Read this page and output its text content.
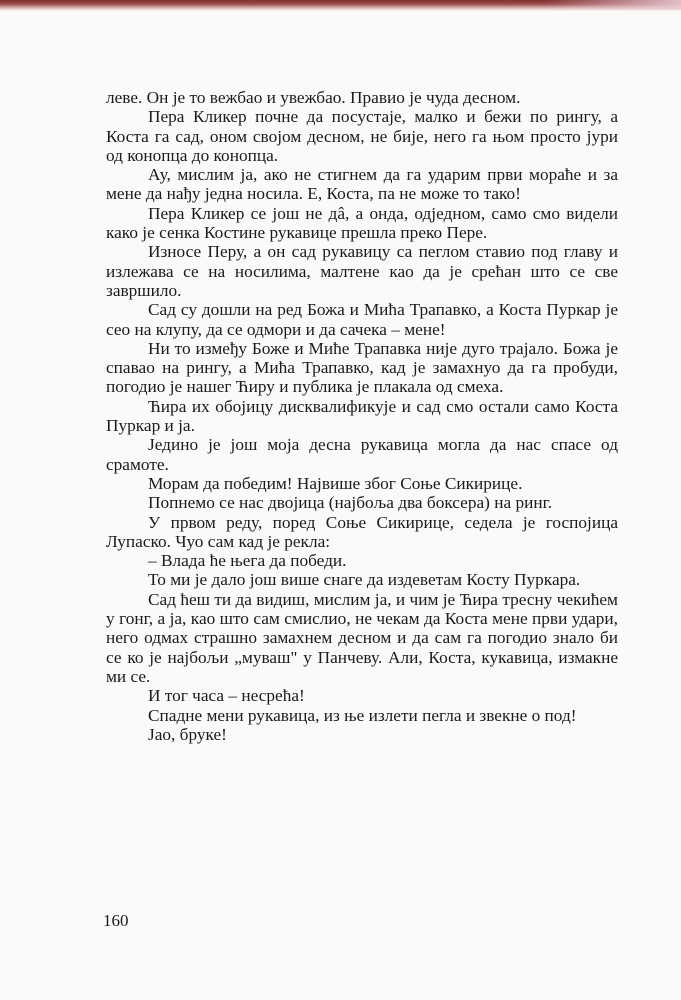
леве. Он је то вежбао и увежбао. Правио је чуда десном.

Пера Кликер почне да посустаје, малко и бежи по рингу, а Коста га сад, оном својом десном, не бије, него га њом просто јури од конопца до конопца.

Ау, мислим ја, ако не стигнем да га ударим први мораће и за мене да нађу једна носила. Е, Коста, па не може то тако!

Пера Кликер се још не дâ, а онда, одједном, само смо видели како је сенка Костине рукавице прешла преко Пере.

Износе Перу, а он сад рукавицу са пеглом ставио под главу и излежава се на носилима, малтене као да је срећан што се све завршило.

Сад су дошли на ред Божа и Мића Трапавко, а Коста Пуркар је сео на клупу, да се одмори и да сачека – мене!

Ни то између Боже и Миће Трапавка није дуго трајало. Божа је спавао на рингу, а Мића Трапавко, кад је замахнуо да га пробуди, погодио је нашег Ћиру и публика је плакала од смеха.

Ћира их обојицу дисквалификује и сад смо остали само Коста Пуркар и ја.

Једино је још моја десна рукавица могла да нас спасе од срамоте.

Морам да победим! Највише због Соње Сикирице.

Попнемо се нас двојица (најбоља два боксера) на ринг.

У првом реду, поред Соње Сикирице, седела је госпојица Лупаско. Чуо сам кад је рекла:

– Влада ће њега да победи.

То ми је дало још више снаге да издеветам Косту Пуркара.

Сад ћеш ти да видиш, мислим ја, и чим је Ћира тресну чекићем у гонг, а ја, као што сам смислио, не чекам да Коста мене први удари, него одмах страшно замахнем десном и да сам га погодио знало би се ко је најбољи „муваш" у Панчеву. Али, Коста, кукавица, измакне ми се.

И тог часа – несрећа!

Спадне мени рукавица, из ње излети пегла и звекне о под!

Јао, бруке!

160
